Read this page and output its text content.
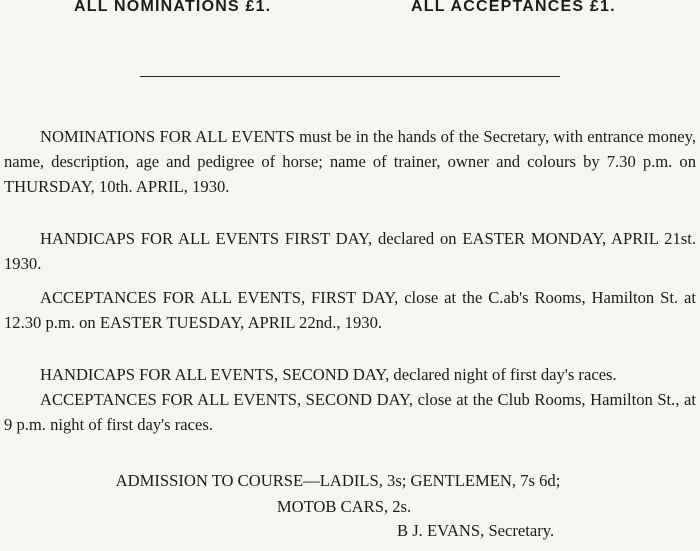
ALL NOMINATIONS £1.	ALL ACCEPTANCES £1.

NOMINATIONS FOR ALL EVENTS must be in the hands of the Secretary, with entrance money, name, description, age and pedigree of horse; name of trainer, owner and colours by 7.30 p.m. on THURSDAY, 10th. APRIL, 1930.

HANDICAPS FOR ALL EVENTS FIRST DAY, declared on EASTER MONDAY, APRIL 21st. 1930.

ACCEPTANCES FOR ALL EVENTS, FIRST DAY, close at the C.ab's Rooms, Hamilton St. at 12.30 p.m. on EASTER TUESDAY, APRIL 22nd., 1930.

HANDICAPS FOR ALL EVENTS, SECOND DAY, declared night of first day's races.

ACCEPTANCES FOR ALL EVENTS, SECOND DAY, close at the Club Rooms, Hamilton St., at 9 p.m. night of first day's races.

ADMISSION TO COURSE—LADILS, 3s; GENTLEMEN, 7s 6d;

MOTOB CARS, 2s.

B J. EVANS, Secretary.
